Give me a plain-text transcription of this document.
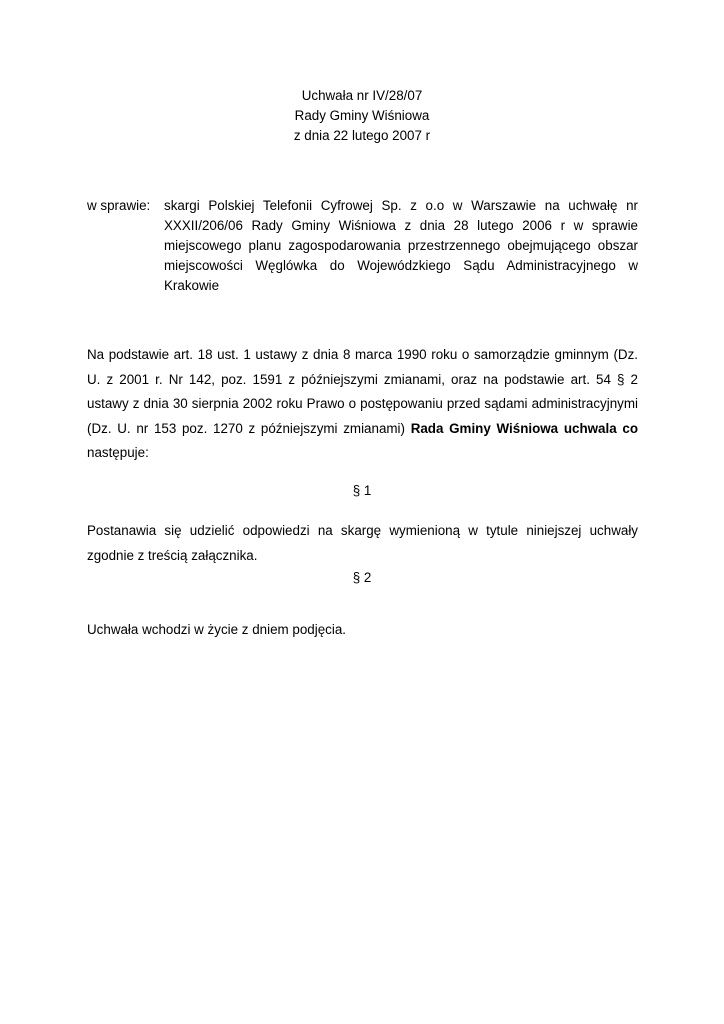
Uchwała nr IV/28/07
Rady Gminy Wiśniowa
z dnia 22 lutego 2007 r
w sprawie: skargi Polskiej Telefonii Cyfrowej Sp. z o.o w Warszawie na uchwałę nr XXXII/206/06 Rady Gminy Wiśniowa z dnia 28 lutego 2006 r w sprawie miejscowego planu zagospodarowania przestrzennego obejmującego obszar miejscowości Węglówka do Wojewódzkiego Sądu Administracyjnego w Krakowie
Na podstawie art. 18 ust. 1 ustawy z dnia 8 marca 1990 roku o samorządzie gminnym (Dz. U. z 2001 r. Nr 142, poz. 1591 z późniejszymi zmianami, oraz na podstawie art. 54 § 2 ustawy z dnia 30 sierpnia 2002 roku Prawo o postępowaniu przed sądami administracyjnymi (Dz. U. nr 153 poz. 1270 z późniejszymi zmianami) Rada Gminy Wiśniowa uchwala co następuje:
§ 1
Postanawia się udzielić odpowiedzi na skargę wymienioną w tytule niniejszej uchwały zgodnie z treścią załącznika.
§ 2
Uchwała wchodzi w życie z dniem podjęcia.
